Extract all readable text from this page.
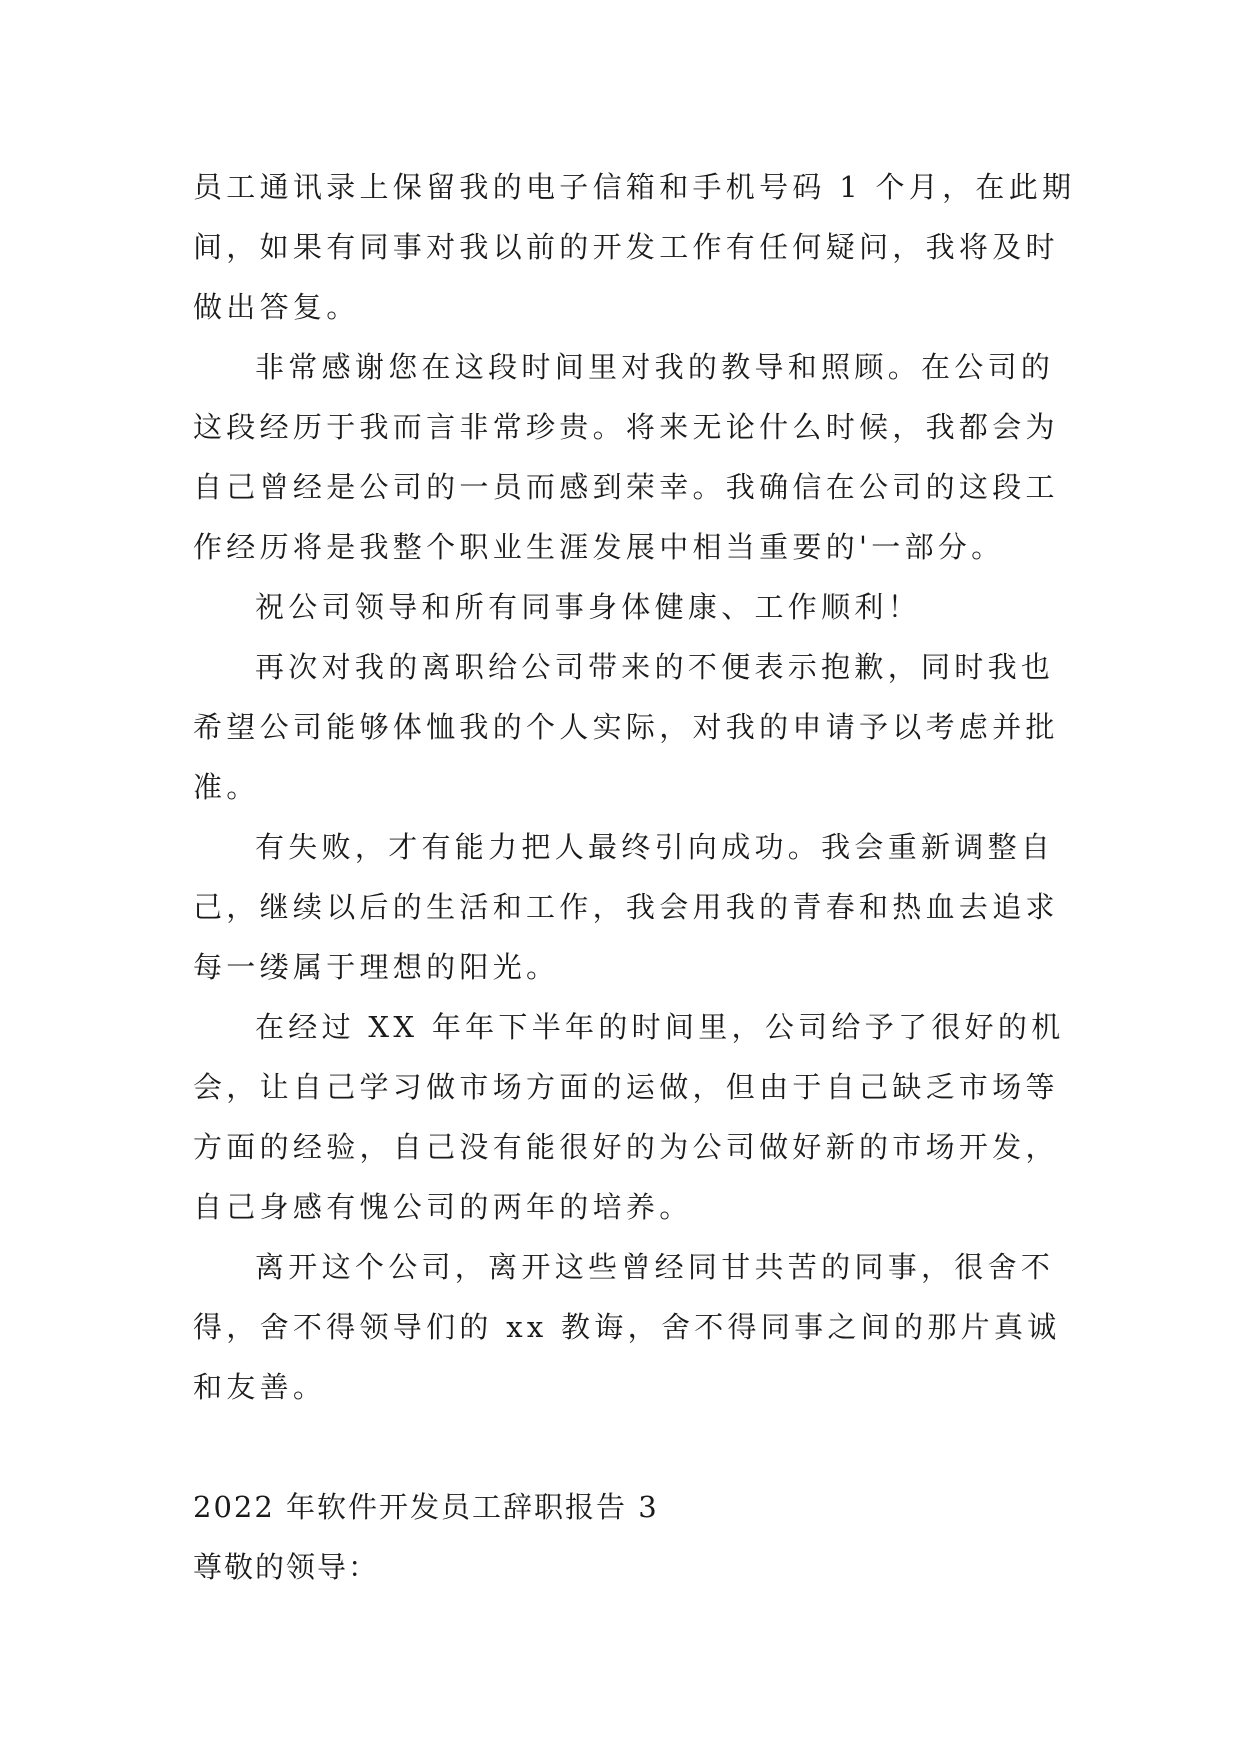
员工通讯录上保留我的电子信箱和手机号码 1 个月，在此期
间，如果有同事对我以前的开发工作有任何疑问，我将及时
做出答复。
非常感谢您在这段时间里对我的教导和照顾。在公司的
这段经历于我而言非常珍贵。将来无论什么时候，我都会为
自己曾经是公司的一员而感到荣幸。我确信在公司的这段工
作经历将是我整个职业生涯发展中相当重要的'一部分。
祝公司领导和所有同事身体健康、工作顺利！
再次对我的离职给公司带来的不便表示抱歉，同时我也
希望公司能够体恤我的个人实际，对我的申请予以考虑并批
准。
有失败，才有能力把人最终引向成功。我会重新调整自
己，继续以后的生活和工作，我会用我的青春和热血去追求
每一缕属于理想的阳光。
在经过 XX 年年下半年的时间里，公司给予了很好的机
会，让自己学习做市场方面的运做，但由于自己缺乏市场等
方面的经验，自己没有能很好的为公司做好新的市场开发，
自己身感有愧公司的两年的培养。
离开这个公司，离开这些曾经同甘共苦的同事，很舍不
得，舍不得领导们的 xx 教诲，舍不得同事之间的那片真诚
和友善。
2022 年软件开发员工辞职报告 3
尊敬的领导：
